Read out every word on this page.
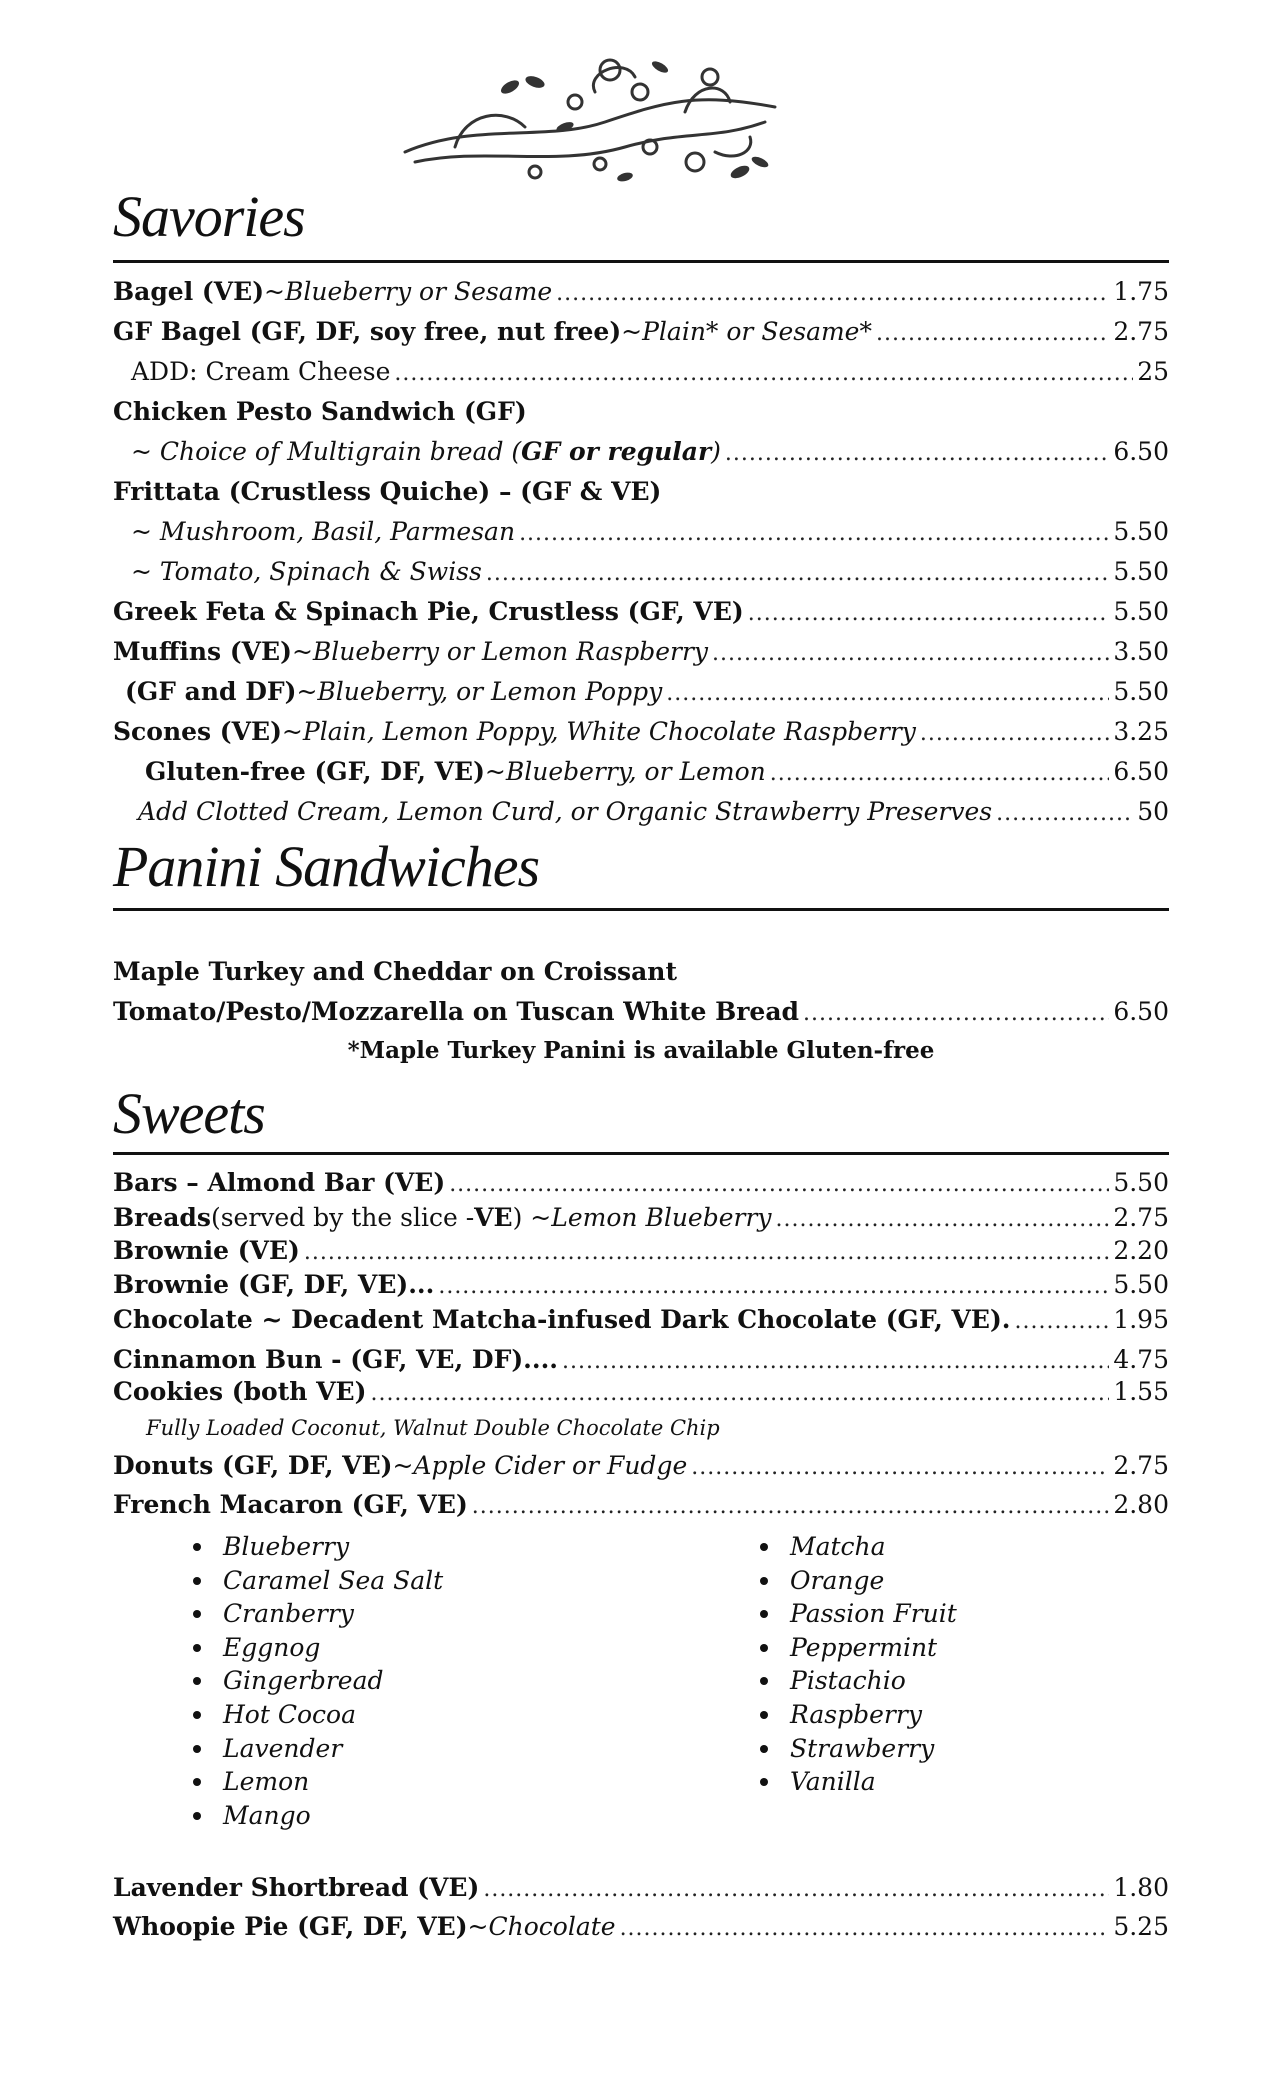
Savories
Bagel (VE) ~ Blueberry or Sesame .....	1.75
GF Bagel (GF, DF, soy free, nut free) ~ Plain* or Sesame* .....	2.75
ADD: Cream Cheese .....	25
Chicken Pesto Sandwich (GF)
~ Choice of Multigrain bread ( GF or regular ) .....	6.50
Frittata (Crustless Quiche) – (GF & VE)
~ Mushroom, Basil, Parmesan .....	5.50
~ Tomato, Spinach & Swiss .....	5.50
Greek Feta & Spinach Pie, Crustless (GF, VE) .....	5.50
Muffins (VE) ~ Blueberry or Lemon Raspberry .....	3.50
(GF and DF) ~ Blueberry, or Lemon Poppy .....	5.50
Scones (VE) ~ Plain, Lemon Poppy, White Chocolate Raspberry .....	3.25
Gluten-free (GF, DF, VE) ~ Blueberry, or Lemon .....	6.50
Add Clotted Cream, Lemon Curd, or Organic Strawberry Preserves .....	50
Panini Sandwiches
Maple Turkey and Cheddar on Croissant
Tomato/Pesto/Mozzarella on Tuscan White Bread .....	6.50
*Maple Turkey Panini is available Gluten-free
Sweets
Bars – Almond Bar (VE) .....	5.50
Breads (served by the slice - VE ) ~ Lemon Blueberry .....	2.75
Brownie (VE) .....	2.20
Brownie (GF, DF, VE)... .....	5.50
Chocolate ~ Decadent Matcha-infused Dark Chocolate (GF, VE). .....	1.95
Cinnamon Bun - (GF, VE, DF).... .....	4.75
Cookies (both VE) .....	1.55
Fully Loaded Coconut, Walnut Double Chocolate Chip
Donuts (GF, DF, VE) ~ Apple Cider or Fudge .....	2.75
French Macaron (GF, VE) .....	2.80
Blueberry
Caramel Sea Salt
Cranberry
Eggnog
Gingerbread
Hot Cocoa
Lavender
Lemon
Mango
Matcha
Orange
Passion Fruit
Peppermint
Pistachio
Raspberry
Strawberry
Vanilla
Lavender Shortbread (VE) .....	1.80
Whoopie Pie (GF, DF, VE) ~ Chocolate .....	5.25
